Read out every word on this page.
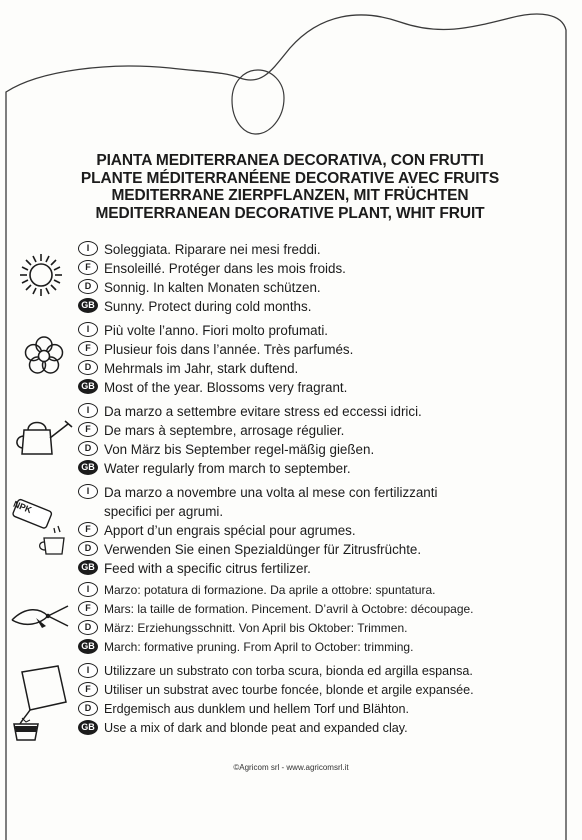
PIANTA MEDITERRANEA DECORATIVA, CON FRUTTI
PLANTE MÉDITERRANÉENE DECORATIVE AVEC FRUITS
MEDITERRANE ZIERPFLANZEN, MIT FRÜCHTEN
MEDITERRANEAN DECORATIVE PLANT, WHIT FRUIT
NPK
I	Soleggiata. Riparare nei mesi freddi.
F Ensoleillé. Protéger dans les mois froids.
D Sonnig. In kalten Monaten schützen.
GB Sunny. Protect during cold months.
I	Più volte l’anno. Fiori molto profumati.
F Plusieur fois dans l’année. Très parfumés.
D Mehrmals im Jahr, stark duftend.
GB Most of the year. Blossoms very fragrant.
I	Da marzo a settembre evitare stress ed eccessi idrici.
F De mars à septembre, arrosage régulier.
D Von März bis September regel-mäßig gießen.
GB Water regularly from march to september.
I	Da marzo a novembre una volta al mese con fertilizzanti specifici per agrumi.
F Apport d’un engrais spécial pour agrumes.
D Verwenden Sie einen Spezialdünger für Zitrusfrüchte.
GB Feed with a specific citrus fertilizer.
I	Marzo: potatura di formazione. Da aprile a ottobre: spuntatura.
F	Mars: la taille de formation. Pincement. D’avril à Octobre: découpage.
D	März: Erziehungsschnitt. Von April bis Oktober: Trimmen.
GB March: formative pruning. From April to October: trimming.
I	Utilizzare un substrato con torba scura, bionda ed argilla espansa.
F	Utiliser un substrat avec tourbe foncée, blonde et argile expansée.
D	Erdgemisch aus dunklem und hellem Torf und Blähton.
GB Use a mix of dark and blonde peat and expanded clay.
©Agricom srl - www.agricomsrl.it
